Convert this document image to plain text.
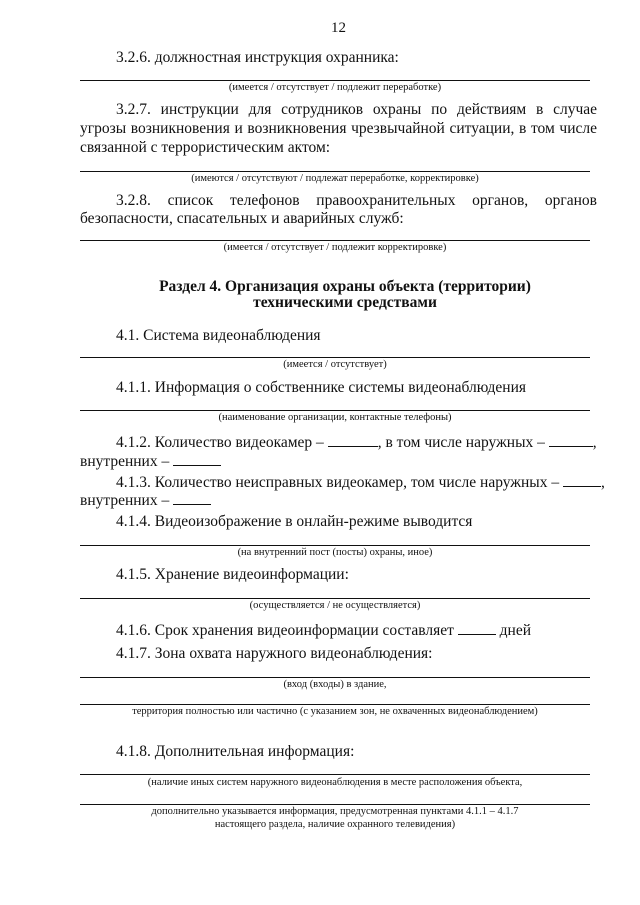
12
3.2.6. должностная инструкция охранника:
(имеется / отсутствует / подлежит переработке)
3.2.7. инструкции для сотрудников охраны по действиям в случае
угрозы возникновения и возникновения чрезвычайной ситуации, в том числе
связанной с террористическим актом:
(имеются / отсутствуют / подлежат переработке, корректировке)
3.2.8. список телефонов правоохранительных органов, органов
безопасности, спасательных и аварийных служб:
(имеется / отсутствует / подлежит корректировке)
Раздел 4. Организация охраны объекта (территории)
техническими средствами
4.1. Система видеонаблюдения
(имеется / отсутствует)
4.1.1. Информация о собственнике системы видеонаблюдения
(наименование организации, контактные телефоны)
4.1.2. Количество видеокамер –	, в том числе наружных –	,
внутренних –
4.1.3. Количество неисправных видеокамер, том числе наружных –	,
внутренних –
4.1.4. Видеоизображение в онлайн-режиме выводится
(на внутренний пост (посты) охраны, иное)
4.1.5. Хранение видеоинформации:
(осуществляется / не осуществляется)
4.1.6. Срок хранения видеоинформации составляет	дней
4.1.7. Зона охвата наружного видеонаблюдения:
(вход (входы) в здание,
территория полностью или частично (с указанием зон, не охваченных видеонаблюдением)
4.1.8. Дополнительная информация:
(наличие иных систем наружного видеонаблюдения в месте расположения объекта,
дополнительно указывается информация, предусмотренная пунктами 4.1.1 – 4.1.7
настоящего раздела, наличие охранного телевидения)
